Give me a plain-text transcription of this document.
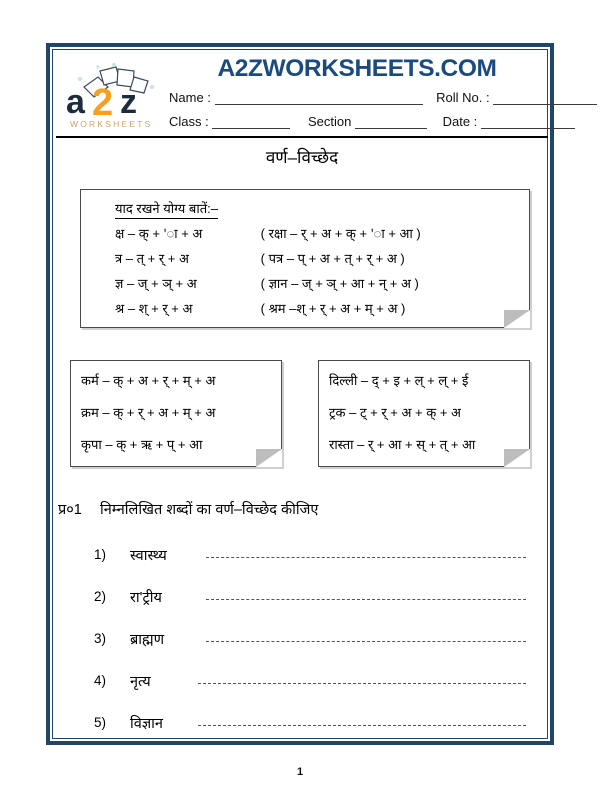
a 2 z
WORKSHEETS
A2ZWORKSHEETS.COM
Name :	Roll No. :
Class :	Section	Date :
वर्ण–विच्छेद
याद रखने योग्य बातें:–
क्ष – क् + 'ा + अ	( रक्षा – र् + अ + क् + 'ा + आ )
त्र – त् + र् + अ	( पत्र – प् + अ + त् + र् + अ )
ज्ञ – ज् + ञ् + अ	( ज्ञान – ज् + ञ् + आ + न् + अ )
श्र – श् + र् + अ	( श्रम –श् + र् + अ + म् + अ )
कर्म – क् + अ + र् + म् + अ
क्रम – क् + र् + अ + म् + अ
कृपा – क् + ऋ + प् + आ
दिल्ली – द् + इ + ल् + ल् + ई
ट्रक – ट् + र् + अ + क् + अ
रास्ता – र् + आ + स् + त् + आ
प्र०1 निम्नलिखित शब्दों का वर्ण–विच्छेद कीजिए
1)	स्वास्थ्य
2)	रा'ट्रीय
3)	ब्राह्मण
4)	नृत्य
5)	विज्ञान
1
